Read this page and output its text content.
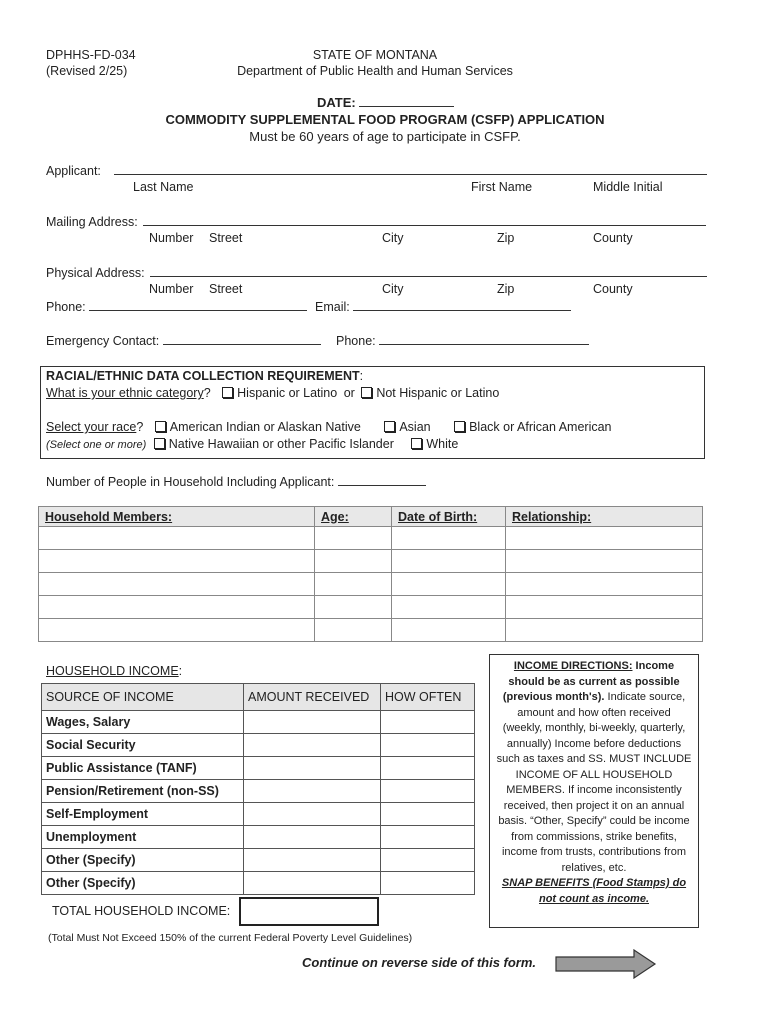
DPHHS-FD-034
(Revised 2/25)
STATE OF MONTANA
Department of Public Health and Human Services
DATE:
COMMODITY SUPPLEMENTAL FOOD PROGRAM (CSFP) APPLICATION
Must be 60 years of age to participate in CSFP.
Applicant:
Last Name	First Name	Middle Initial
Mailing Address:
Number Street	City	Zip	County
Physical Address:
Number Street	City	Zip	County
Phone:	Email:
Emergency Contact:	Phone:
RACIAL/ETHNIC DATA COLLECTION REQUIREMENT:
What is your ethnic category? Hispanic or Latino or Not Hispanic or Latino
Select your race? American Indian or Alaskan Native	Asian	Black or African American
(Select one or more) Native Hawaiian or other Pacific Islander	White
Number of People in Household Including Applicant:
Household Members:	Age:	Date of Birth:	Relationship:

HOUSEHOLD INCOME:
SOURCE OF INCOME	AMOUNT RECEIVED	HOW OFTEN
Wages, Salary		
Social Security		
Public Assistance (TANF)		
Pension/Retirement (non-SS)		
Self-Employment		
Unemployment		
Other (Specify)		
Other (Specify)		
TOTAL HOUSEHOLD INCOME:
(Total Must Not Exceed 150% of the current Federal Poverty Level Guidelines)
INCOME DIRECTIONS: Income should be as current as possible (previous month's). Indicate source, amount and how often received (weekly, monthly, bi-weekly, quarterly, annually) Income before deductions such as taxes and SS. MUST INCLUDE INCOME OF ALL HOUSEHOLD MEMBERS. If income inconsistently received, then project it on an annual basis. “Other, Specify” could be income from commissions, strike benefits, income from trusts, contributions from relatives, etc.
SNAP BENEFITS (Food Stamps) do not count as income.
Continue on reverse side of this form.
